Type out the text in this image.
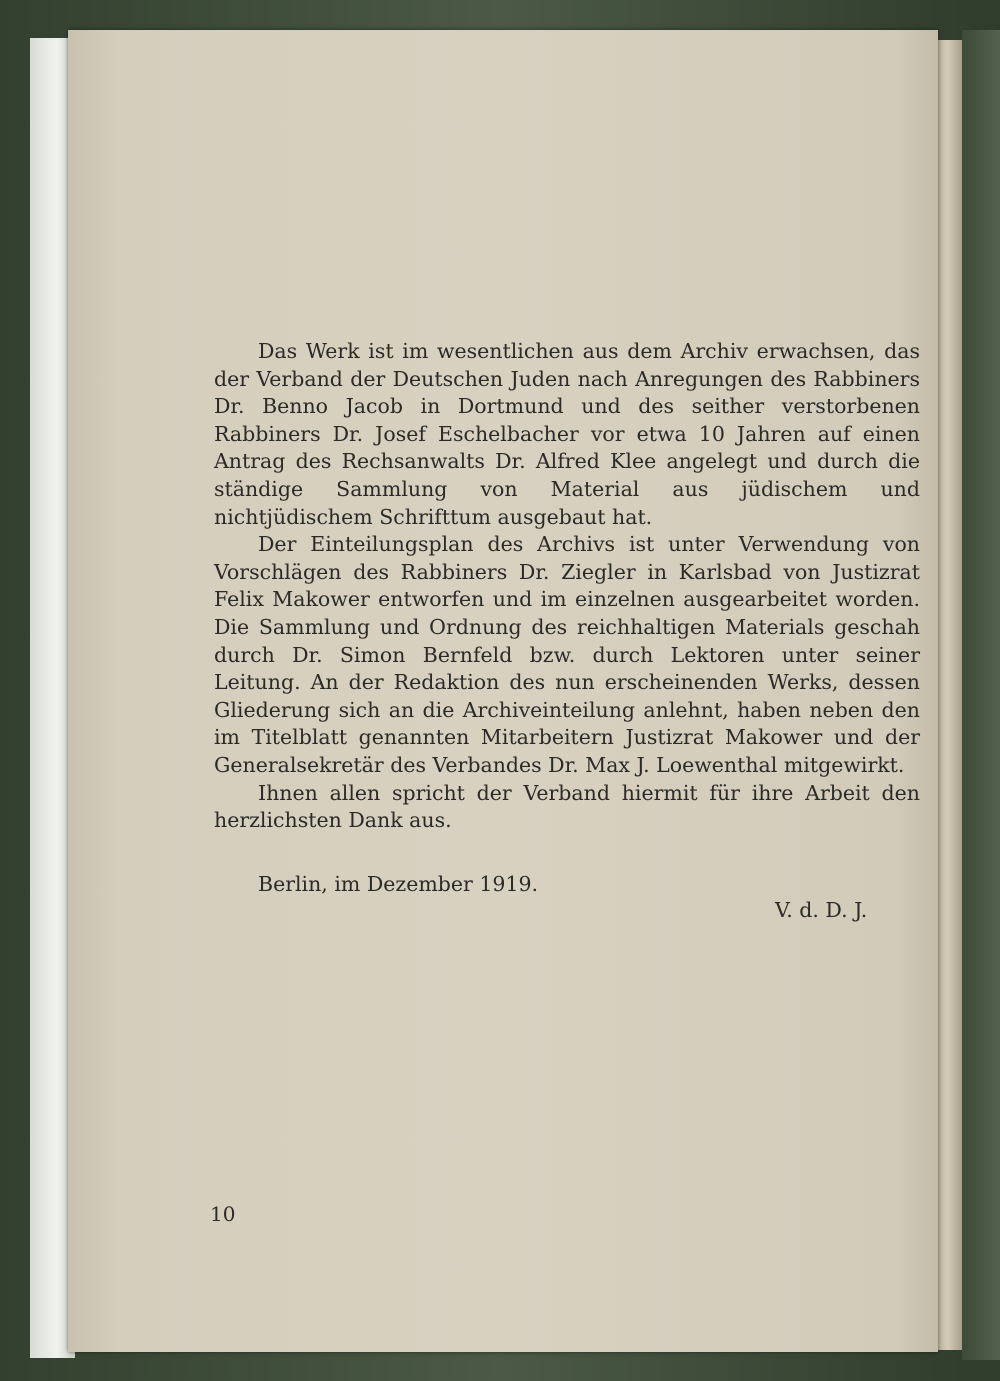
Das Werk ist im wesentlichen aus dem Archiv erwachsen, das der Verband der Deutschen Juden nach Anregungen des Rabbiners Dr. Benno Jacob in Dortmund und des seither verstorbenen Rabbiners Dr. Josef Eschelbacher vor etwa 10 Jahren auf einen Antrag des Rechsanwalts Dr. Alfred Klee angelegt und durch die ständige Sammlung von Material aus jüdischem und nichtjüdischem Schrifttum ausgebaut hat.

Der Einteilungsplan des Archivs ist unter Verwendung von Vorschlägen des Rabbiners Dr. Ziegler in Karlsbad von Justizrat Felix Makower entworfen und im einzelnen ausgearbeitet worden. Die Sammlung und Ordnung des reichhaltigen Materials geschah durch Dr. Simon Bernfeld bzw. durch Lektoren unter seiner Leitung. An der Redaktion des nun erscheinenden Werks, dessen Gliederung sich an die Archiveinteilung anlehnt, haben neben den im Titelblatt genannten Mitarbeitern Justizrat Makower und der Generalsekretär des Verbandes Dr. Max J. Loewenthal mitgewirkt.

Ihnen allen spricht der Verband hiermit für ihre Arbeit den herzlichsten Dank aus.

Berlin, im Dezember 1919.
V. d. D. J.
10
